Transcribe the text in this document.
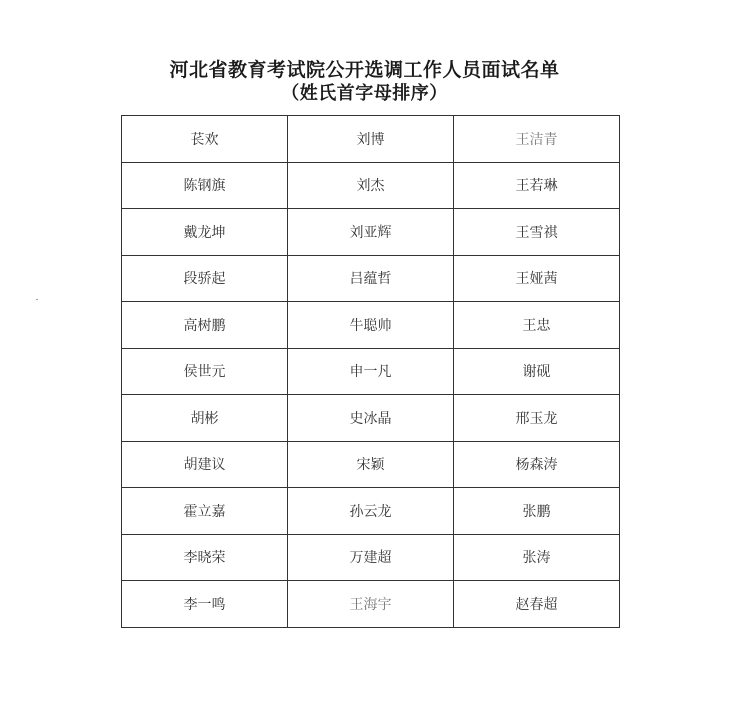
河北省教育考试院公开选调工作人员面试名单
（姓氏首字母排序）
苌欢	刘博	王洁青
陈钢旗	刘杰	王若琳
戴龙坤	刘亚辉	王雪祺
段骄起	吕蕴哲	王娅茜
高树鹏	牛聪帅	王忠
侯世元	申一凡	谢砚
胡彬	史冰晶	邢玉龙
胡建议	宋颖	杨森涛
霍立嘉	孙云龙	张鹏
李晓荣	万建超	张涛
李一鸣	王海宇	赵春超
